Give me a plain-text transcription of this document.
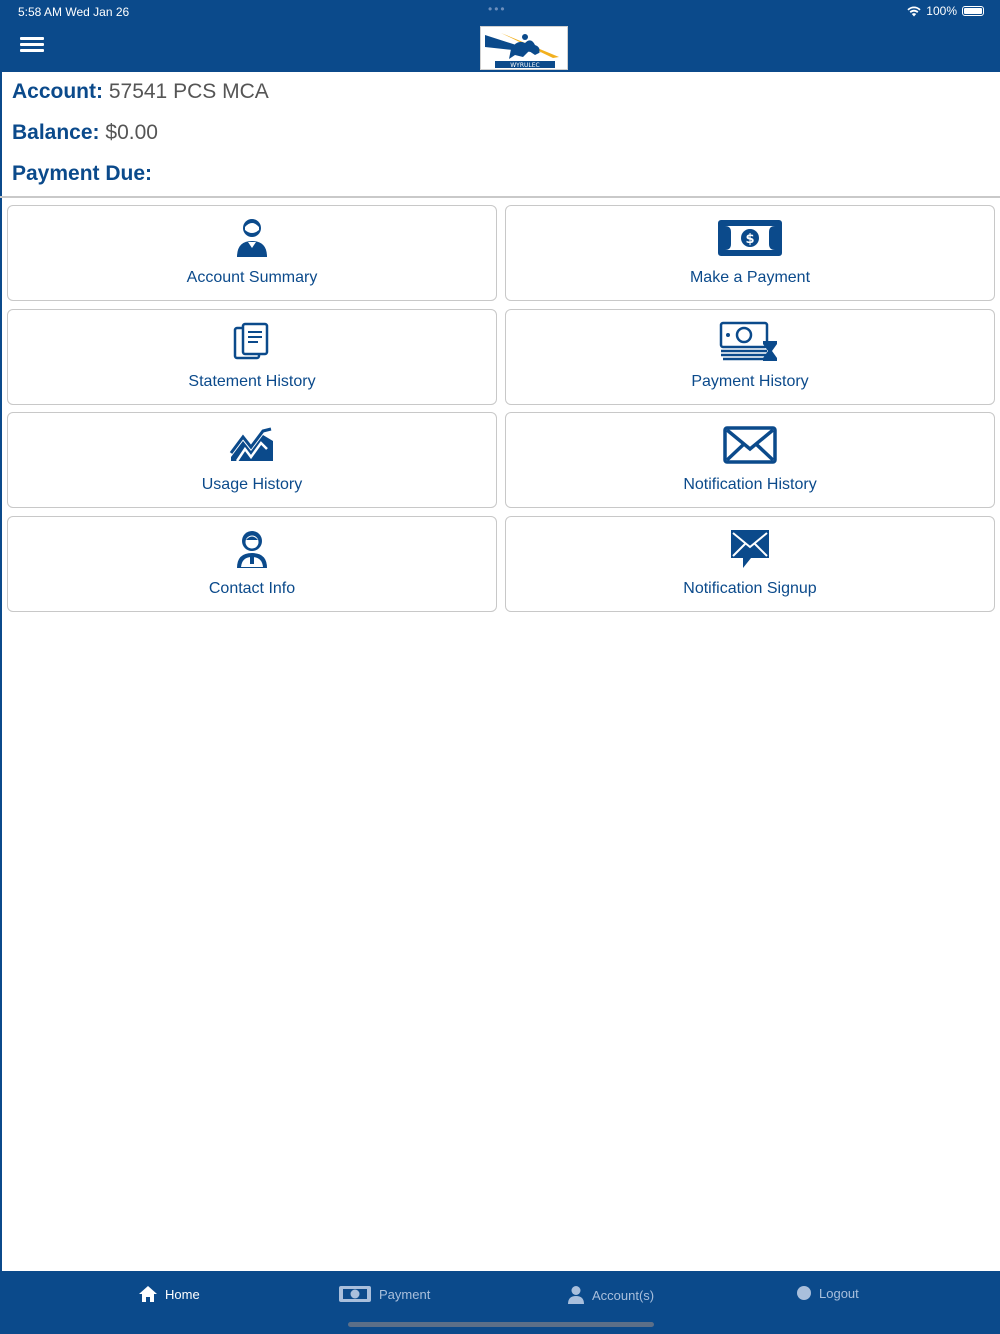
5:58 AM Wed Jan 26	•••	100%
WYRULEC
Account: 57541 PCS MCA
Balance: $0.00
Payment Due:
Account Summary
$
Make a Payment
Statement History	Payment History
Usage History	Notification History
Contact Info	Notification Signup
Home	Payment	Account(s)	Logout
